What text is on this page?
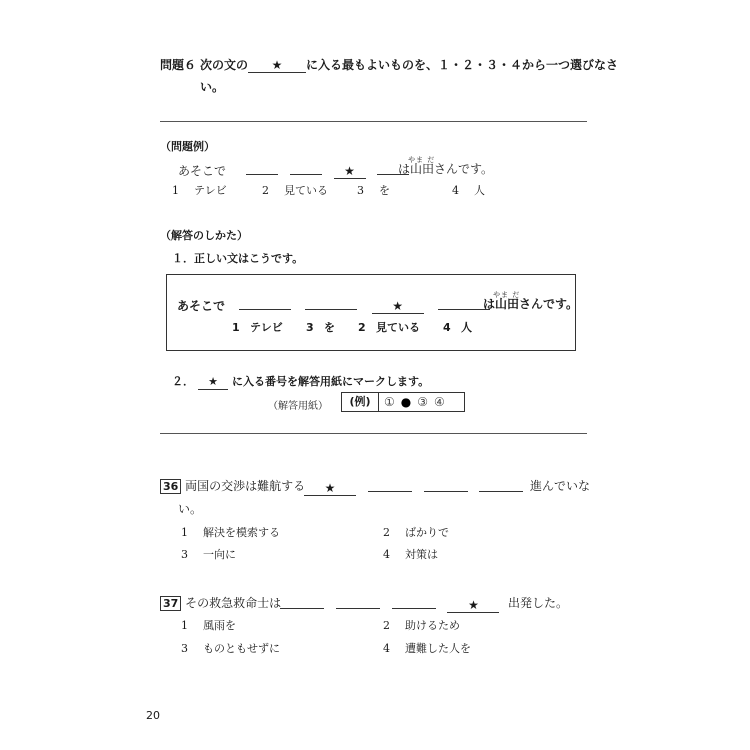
問題６ 次の文の ★ に入る最もよいものを、１・２・３・４から一つ選びなさ
い。
（問題例）
あそこで	★
やま だ
は山田さんです。
1 テレビ	2 見ている	3 を	4 人
（解答のしかた）
１．正しい文はこうです。
あそこで	★
やま だ
は山田さんです。
1 テレビ 3 を 2 見ている 4 人
２． ★ に入る番号を解答用紙にマークします。
（解答用紙）	(例)	① ● ③ ④
36 両国の交渉は難航する	★	進んでいな
い。
1 解決を模索する	2 ばかりで
3 一向に	4 対策は
37 その救急救命士は	★	出発した。
1 風雨を	2 助けるため
3 ものともせずに	4 遭難した人を
20
